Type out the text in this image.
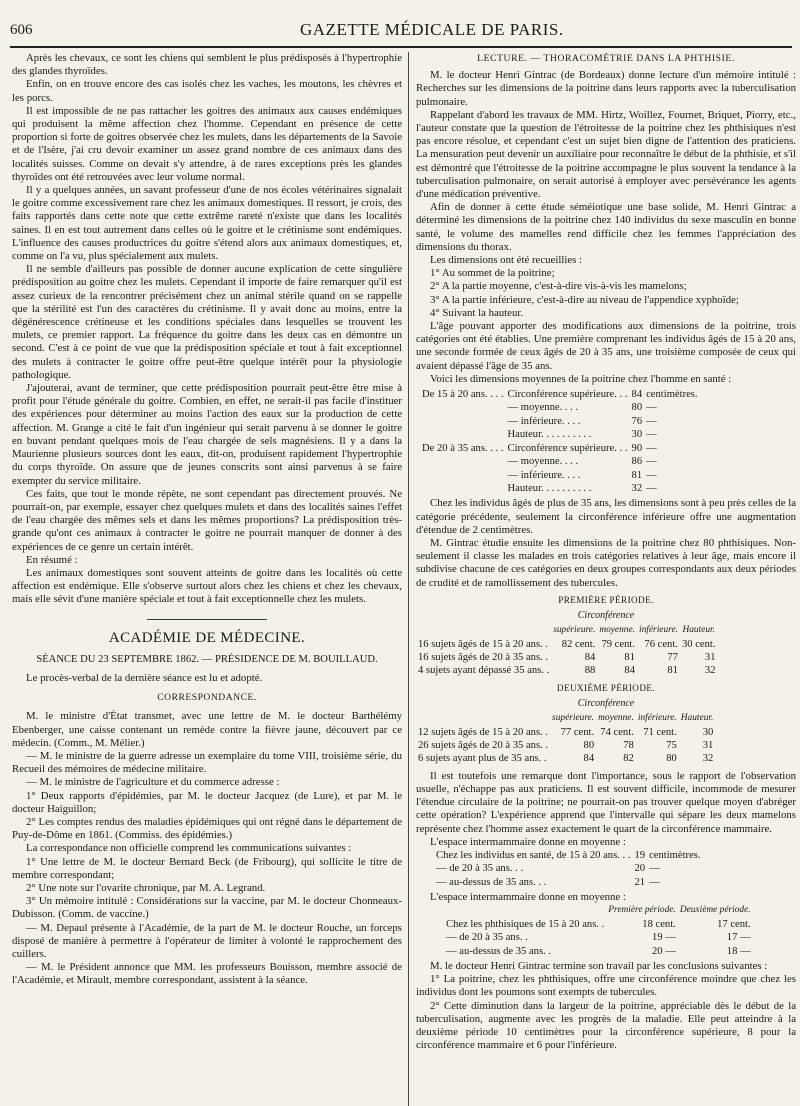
606	GAZETTE MÉDICALE DE PARIS.

Après les chevaux, ce sont les chiens qui semblent le plus prédisposés à l'hypertrophie des glandes thyroïdes.

Enfin, on en trouve encore des cas isolés chez les vaches, les moutons, les chèvres et les porcs.

Il est impossible de ne pas rattacher les goitres des animaux aux causes endémiques qui produisent la même affection chez l'homme. Cependant en présence de cette proportion si forte de goitres observée chez les mulets, dans les départements de la Savoie et de l'Isère, j'ai cru devoir examiner un assez grand nombre de ces animaux dans des localités suisses. Comme on devait s'y attendre, à de rares exceptions près les glandes thyroïdes ont été retrouvées avec leur volume normal.

Il y a quelques années, un savant professeur d'une de nos écoles vétérinaires signalait le goitre comme excessivement rare chez les animaux domestiques. Il ressort, je crois, des faits rapportés dans cette note que cette extrême rareté n'existe que dans les localités saines. Il en est tout autrement dans celles où le goitre et le crétinisme sont endémiques. L'influence des causes productrices du goitre s'étend alors aux animaux domestiques, et, comme on l'a vu, plus spécialement aux mulets.

Il ne semble d'ailleurs pas possible de donner aucune explication de cette singulière prédisposition au goitre chez les mulets. Cependant il importe de faire remarquer qu'il est assez curieux de la rencontrer précisément chez un animal stérile quand on se rappelle que la stérilité est l'un des caractères du crétinisme. Il y avait donc au moins, entre la dégénérescence crétineuse et les conditions spéciales dans lesquelles se trouvent les mulets, ce premier rapport. La fréquence du goitre dans les deux cas en démontre un second. C'est à ce point de vue que la prédisposition spéciale et tout à fait exceptionnel des mulets à contracter le goitre offre peut-être quelque intérêt pour la physiologie pathologique.

J'ajouterai, avant de terminer, que cette prédisposition pourrait peut-être être mise à profit pour l'étude générale du goitre. Combien, en effet, ne serait-il pas facile d'instituer des expériences pour déterminer au moins l'action des eaux sur la production de cette affection. M. Grange a cité le fait d'un ingénieur qui serait parvenu à se donner le goitre en buvant pendant quelques mois de l'eau chargée de sels magnésiens. Il y a dans la Maurienne plusieurs sources dont les eaux, dit-on, produisent rapidement l'hypertrophie du corps thyroïde. On assure que de jeunes conscrits sont ainsi parvenus à se faire exempter du service militaire.

Ces faits, que tout le monde répète, ne sont cependant pas directement prouvés. Ne pourrait-on, par exemple, essayer chez quelques mulets et dans des localités saines l'effet de l'eau chargée des mêmes sels et dans les mêmes proportions? La prédisposition très-grande qu'ont ces animaux à contracter le goitre ne pourrait manquer de donner à des expériences de ce genre un certain intérêt.

En résumé :

Les animaux domestiques sont souvent atteints de goitre dans les localités où cette affection est endémique. Elle s'observe surtout alors chez les chiens et chez les chevaux, mais elle sévit d'une manière spéciale et tout à fait exceptionnelle chez les mulets.

ACADÉMIE DE MÉDECINE.
SÉANCE DU 23 SEPTEMBRE 1862. — PRÉSIDENCE DE M. BOUILLAUD.

Le procès-verbal de la dernière séance est lu et adopté.

CORRESPONDANCE.

M. le ministre d'État transmet, avec une lettre de M. le docteur Barthélémy Ebenberger, une caisse contenant un remède contre la fièvre jaune, découvert par ce médecin. (Comm., M. Mélier.)

— M. le ministre de la guerre adresse un exemplaire du tome VIII, troisième série, du Recueil des mémoires de médecine militaire.

— M. le ministre de l'agriculture et du commerce adresse :

1° Deux rapports d'épidémies, par M. le docteur Jacquez (de Lure), et par M. le docteur Haiguillon;

2° Les comptes rendus des maladies épidémiques qui ont régné dans le département de Puy-de-Dôme en 1861. (Commiss. des épidémies.)

La correspondance non officielle comprend les communications suivantes :

1° Une lettre de M. le docteur Bernard Beck (de Fribourg), qui sollicite le titre de membre correspondant;

2° Une note sur l'ovarite chronique, par M. A. Legrand.

3° Un mémoire intitulé : Considérations sur la vaccine, par M. le docteur Chonneaux-Dubisson. (Comm. de vaccine.)

— M. Depaul présente à l'Académie, de la part de M. le docteur Rouche, un forceps disposé de manière à permettre à l'opérateur de limiter à volonté le rapprochement des cuillers.

— M. le Président annonce que MM. les professeurs Bouisson, membre associé de l'Académie, et Mirault, membre correspondant, assistent à la séance.

LECTURE. — THORACOMÉTRIE DANS LA PHTHISIE.

M. le docteur Henri Gintrac (de Bordeaux) donne lecture d'un mémoire intitulé : Recherches sur les dimensions de la poitrine dans leurs rapports avec la tuberculisation pulmonaire.

Rappelant d'abord les travaux de MM. Hirtz, Woillez, Fournet, Briquet, Piorry, etc., l'auteur constate que la question de l'étroitesse de la poitrine chez les phthisiques n'est pas encore résolue, et cependant c'est un sujet bien digne de l'attention des praticiens. La mensuration peut devenir un auxiliaire pour reconnaître le début de la phthisie, et s'il est démontré que l'étroitesse de la poitrine accompagne le plus souvent la tendance à la tuberculisation pulmonaire, on serait autorisé à employer avec persévérance les agents d'une médication préventive.

Afin de donner à cette étude séméiotique une base solide, M. Henri Gintrac a déterminé les dimensions de la poitrine chez 140 individus du sexe masculin en bonne santé, le volume des mamelles rend difficile chez les femmes l'appréciation des dimensions du thorax.

Les dimensions ont été recueillies :

1° Au sommet de la poitrine;

2° A la partie moyenne, c'est-à-dire vis-à-vis les mamelons;

3° A la partie inférieure, c'est-à-dire au niveau de l'appendice xyphoïde;

4° Suivant la hauteur.

L'âge pouvant apporter des modifications aux dimensions de la poitrine, trois catégories ont été établies. Une première comprenant les individus âgés de 15 à 20 ans, une seconde formée de ceux âgés de 20 à 35 ans, une troisième composée de ceux qui avaient dépassé l'âge de 35 ans.

Voici les dimensions moyennes de la poitrine chez l'homme en santé :

De 15 à 20 ans. . . .	Circonférence supérieure. . .	84	centimètres.
	— moyenne. . . .	80	—
	— inférieure. . . .	76	—
	Hauteur. . . . . . . . . .	30	—
De 20 à 35 ans. . . .	Circonférence supérieure. . .	90	—
	— moyenne. . . .	86	—
	— inférieure. . . .	81	—
	Hauteur. . . . . . . . . .	32	—

Chez les individus âgés de plus de 35 ans, les dimensions sont à peu près celles de la catégorie précédente, seulement la circonférence inférieure offre une augmentation d'étendue de 2 centimètres.

M. Gintrac étudie ensuite les dimensions de la poitrine chez 80 phthisiques. Non-seulement il classe les malades en trois catégories relatives à leur âge, mais encore il subdivise chacune de ces catégories en deux groupes correspondants aux deux périodes de crudité et de ramollissement des tubercules.

PREMIÈRE PÉRIODE.
Circonférence
	supérieure.	moyenne.	inférieure.	Hauteur.
16 sujets âgés de 15 à 20 ans. .	82 cent.	79 cent.	76 cent.	30 cent.
16 sujets âgés de 20 à 35 ans. .	84	81	77	31
4 sujets ayant dépassé 35 ans. .	88	84	81	32
DEUXIÈME PÉRIODE.
Circonférence
	supérieure.	moyenne.	inférieure.	Hauteur.
12 sujets âgés de 15 à 20 ans. .	77 cent.	74 cent.	71 cent.	30
26 sujets âgés de 20 à 35 ans. .	80	78	75	31
6 sujets ayant plus de 35 ans. .	84	82	80	32

Il est toutefois une remarque dont l'importance, sous le rapport de l'observation usuelle, n'échappe pas aux praticiens. Il est souvent difficile, incommode de mesurer l'étendue circulaire de la poitrine; ne pourrait-on pas trouver quelque moyen d'abréger cette opération? L'expérience apprend que l'intervalle qui sépare les deux mamelons représente chez l'homme assez exactement le quart de la circonférence mammaire.

L'espace intermammaire donne en moyenne :

Chez les individus en santé, de 15 à 20 ans. . .	19	centimètres.
— de 20 à 35 ans. . .	20	—
— au-dessus de 35 ans. . .	21	—

L'espace intermammaire donne en moyenne :

	Première période.	Deuxième période.
Chez les phthisiques de 15 à 20 ans. .	18 cent.	17 cent.
— de 20 à 35 ans. .	19 —	17 —
— au-dessus de 35 ans. .	20 —	18 —

M. le docteur Henri Gintrac termine son travail par les conclusions suivantes :

1° La poitrine, chez les phthisiques, offre une circonférence moindre que chez les individus dont les poumons sont exempts de tubercules.

2° Cette diminution dans la largeur de la poitrine, appréciable dès le début de la tuberculisation, augmente avec les progrès de la maladie. Elle peut atteindre à la deuxième période 10 centimètres pour la circonférence supérieure, 8 pour la circonférence mammaire et 6 pour l'inférieure.
